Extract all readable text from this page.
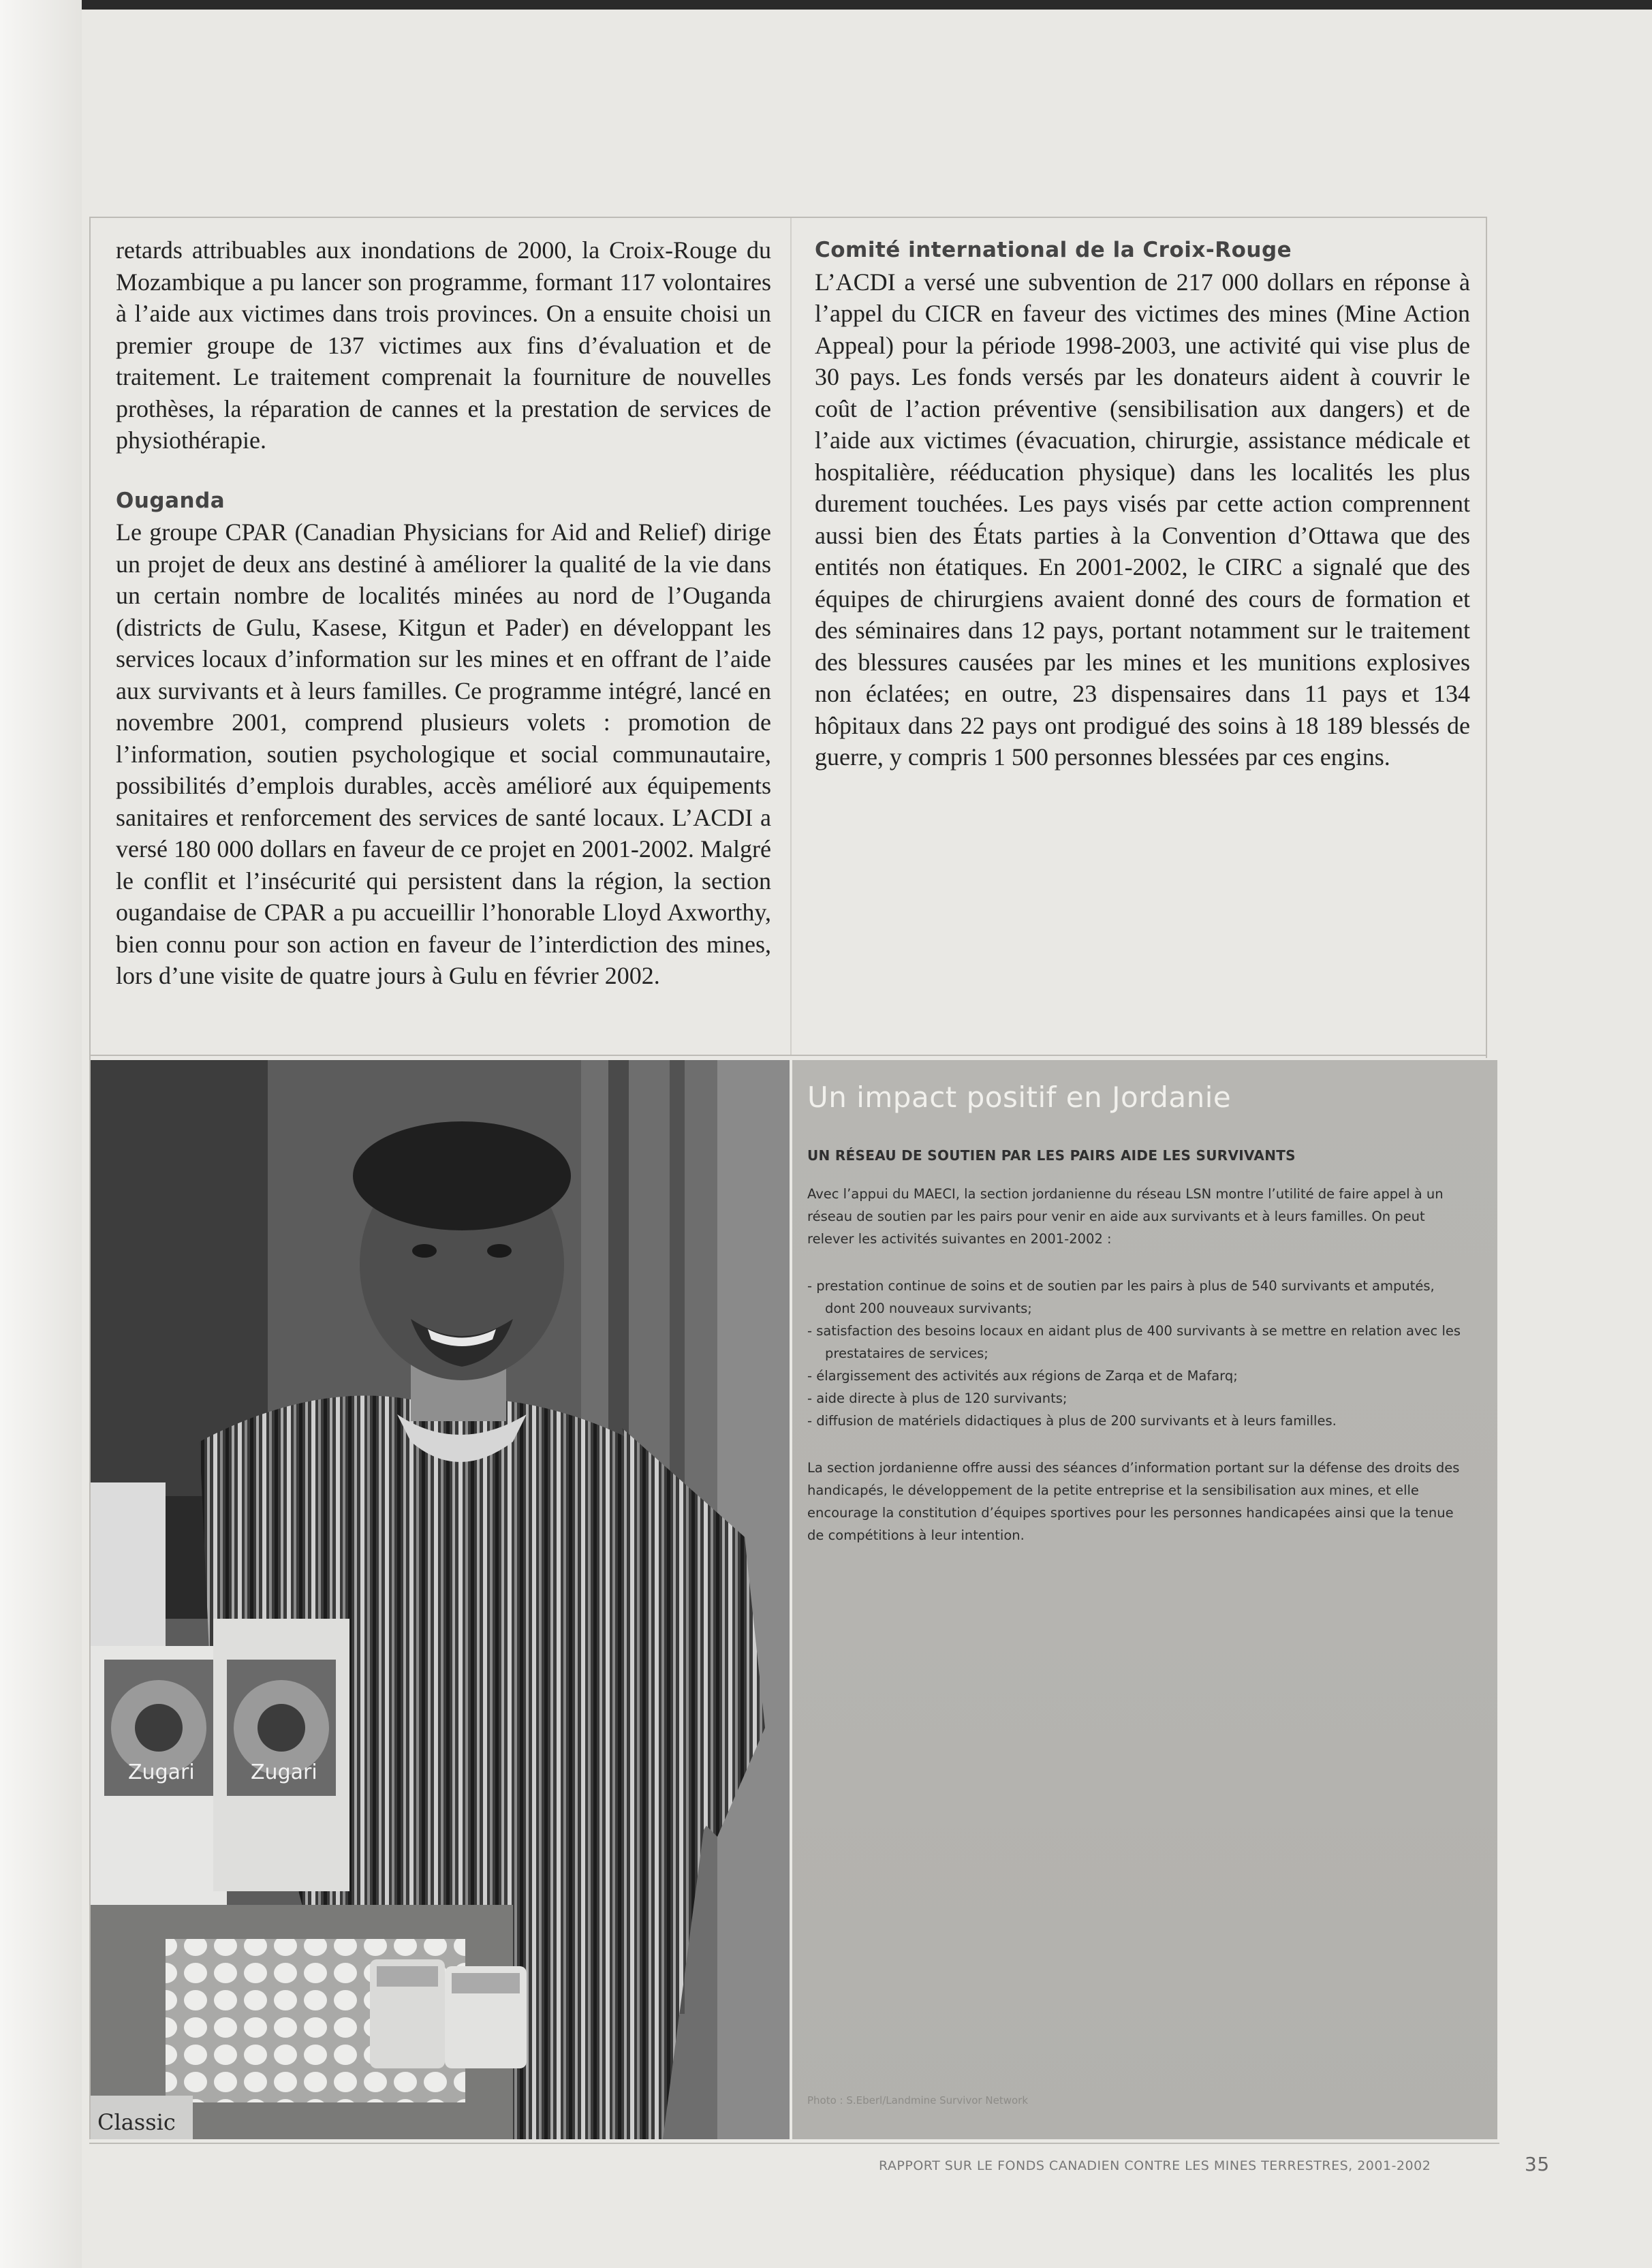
retards attribuables aux inondations de 2000, la Croix-Rouge du Mozambique a pu lancer son programme, formant 117 volontaires à l’aide aux victimes dans trois provinces. On a ensuite choisi un premier groupe de 137 victimes aux fins d’évaluation et de traitement. Le traitement comprenait la fourniture de nouvelles prothèses, la réparation de cannes et la prestation de services de physiothérapie.

Ouganda

Le groupe CPAR (Canadian Physicians for Aid and Relief) dirige un projet de deux ans destiné à améliorer la qualité de la vie dans un certain nombre de localités minées au nord de l’Ouganda (districts de Gulu, Kasese, Kitgun et Pader) en développant les services locaux d’information sur les mines et en offrant de l’aide aux survivants et à leurs familles. Ce programme intégré, lancé en novembre 2001, comprend plusieurs volets : promotion de l’information, soutien psychologique et social communautaire, possibilités d’emplois durables, accès amélioré aux équipements sanitaires et renforcement des services de santé locaux. L’ACDI a versé 180 000 dollars en faveur de ce projet en 2001-2002. Malgré le conflit et l’insécurité qui persistent dans la région, la section ougandaise de CPAR a pu accueillir l’honorable Lloyd Axworthy, bien connu pour son action en faveur de l’interdiction des mines, lors d’une visite de quatre jours à Gulu en février 2002.

Comité international de la Croix-Rouge

L’ACDI a versé une subvention de 217 000 dollars en réponse à l’appel du CICR en faveur des victimes des mines (Mine Action Appeal) pour la période 1998-2003, une activité qui vise plus de 30 pays. Les fonds versés par les donateurs aident à couvrir le coût de l’action préventive (sensibilisation aux dangers) et de l’aide aux victimes (évacuation, chirurgie, assistance médicale et hospitalière, rééducation physique) dans les localités les plus durement touchées. Les pays visés par cette action comprennent aussi bien des États parties à la Convention d’Ottawa que des entités non étatiques. En 2001-2002, le CIRC a signalé que des équipes de chirurgiens avaient donné des cours de formation et des séminaires dans 12 pays, portant notamment sur le traitement des blessures causées par les mines et les munitions explosives non éclatées; en outre, 23 dispensaires dans 11 pays et 134 hôpitaux dans 22 pays ont prodigué des soins à 18 189 blessés de guerre, y compris 1 500 personnes blessées par ces engins.

Zugari	Zugari
Classic
Un impact positif en Jordanie
UN RÉSEAU DE SOUTIEN PAR LES PAIRS AIDE LES SURVIVANTS

Avec l’appui du MAECI, la section jordanienne du réseau LSN montre l’utilité de faire appel à un réseau de soutien par les pairs pour venir en aide aux survivants et à leurs familles. On peut relever les activités suivantes en 2001-2002 :

- prestation continue de soins et de soutien par les pairs à plus de 540 survivants et amputés, dont 200 nouveaux survivants;
- satisfaction des besoins locaux en aidant plus de 400 survivants à se mettre en relation avec les prestataires de services;
- élargissement des activités aux régions de Zarqa et de Mafarq;
- aide directe à plus de 120 survivants;
- diffusion de matériels didactiques à plus de 200 survivants et à leurs familles.

La section jordanienne offre aussi des séances d’information portant sur la défense des droits des handicapés, le développement de la petite entreprise et la sensibilisation aux mines, et elle encourage la constitution d’équipes sportives pour les personnes handicapées ainsi que la tenue de compétitions à leur intention.

Photo : S.Eberl/Landmine Survivor Network
RAPPORT SUR LE FONDS CANADIEN CONTRE LES MINES TERRESTRES, 2001-2002	35
